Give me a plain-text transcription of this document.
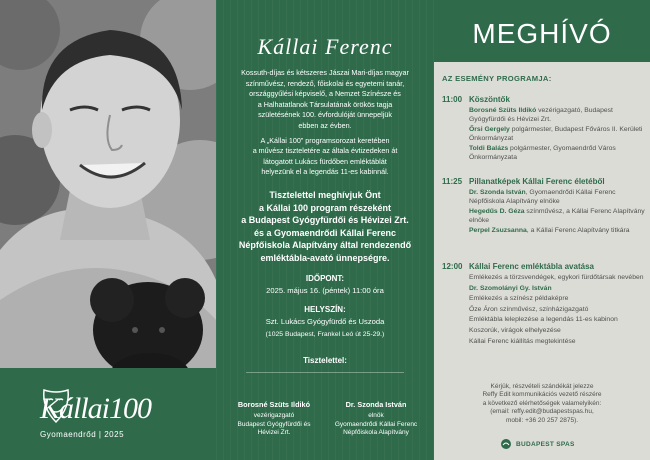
Kállai100
Gyomaendrőd | 2025
Kállai Ferenc

Kossuth-díjas és kétszeres Jászai Mari-díjas magyar

színművész, rendező, főiskolai és egyetemi tanár,

országgyűlési képviselő, a Nemzet Színésze és

a Halhatatlanok Társulatának örökös tagja

születésének 100. évfordulóját ünnepeljük

ebben az évben.

A „Kállai 100” programsorozat keretében

a művész tiszteletére az általa évtizedeken át

látogatott Lukács fürdőben emléktáblát

helyezünk el a legendás 11-es kabinnál.

Tisztelettel meghívjuk Önt
a Kállai 100 program részeként
a Budapest Gyógyfürdői és Hévizei Zrt.
és a Gyomaendrődi Kállai Ferenc
Népfőiskola Alapítvány által rendezendő
emléktábla-avató ünnepségre.
IDŐPONT:
2025. május 16. (péntek) 11:00 óra
HELYSZÍN:
Szt. Lukács Gyógyfürdő és Uszoda
(1025 Budapest, Frankel Leó út 25-29.)
Tisztelettel:
Borosné Szüts Ildikó
vezérigazgató
Budapest Gyógyfürdői és
Hévizei Zrt.
Dr. Szonda István
elnök
Gyomaendrődi Kállai Ferenc
Népfőiskola Alapítvány
MEGHÍVÓ
AZ ESEMÉNY PROGRAMJA:
11:00 Köszöntők
Borosné Szüts Ildikó vezérigazgató, Budapest Gyógyfürdői és Hévizei Zrt.
Őrsi Gergely polgármester, Budapest Főváros II. Kerületi Önkormányzat
Toldi Balázs polgármester, Gyomaendrőd Város Önkormányzata
11:25 Pillanatképek Kállai Ferenc életéből
Dr. Szonda István, Gyomaendrődi Kállai Ferenc Népfőiskola Alapítvány elnöke
Hegedűs D. Géza színművész, a Kállai Ferenc Alapítvány elnöke
Perpel Zsuzsanna, a Kállai Ferenc Alapítvány titkára
12:00 Kállai Ferenc emléktábla avatása
Emlékezés a törzsvendégek, egykori fürdőtársak nevében
Dr. Szomolányi Gy. István
Emlékezés a színész példaképre
Őze Áron színművész, színházigazgató
Emléktábla leleplezése a legendás 11-es kabinon
Koszorúk, virágok elhelyezése
Kállai Ferenc kiállítás megtekintése
Kérjük, részvételi szándékát jelezze
Reffy Edit kommunikációs vezető részére
a következő elérhetőségek valamelyikén:
(email: reffy.edit@budapestspas.hu,
mobil: +36 20 257 2875).
BUDAPEST SPAS
